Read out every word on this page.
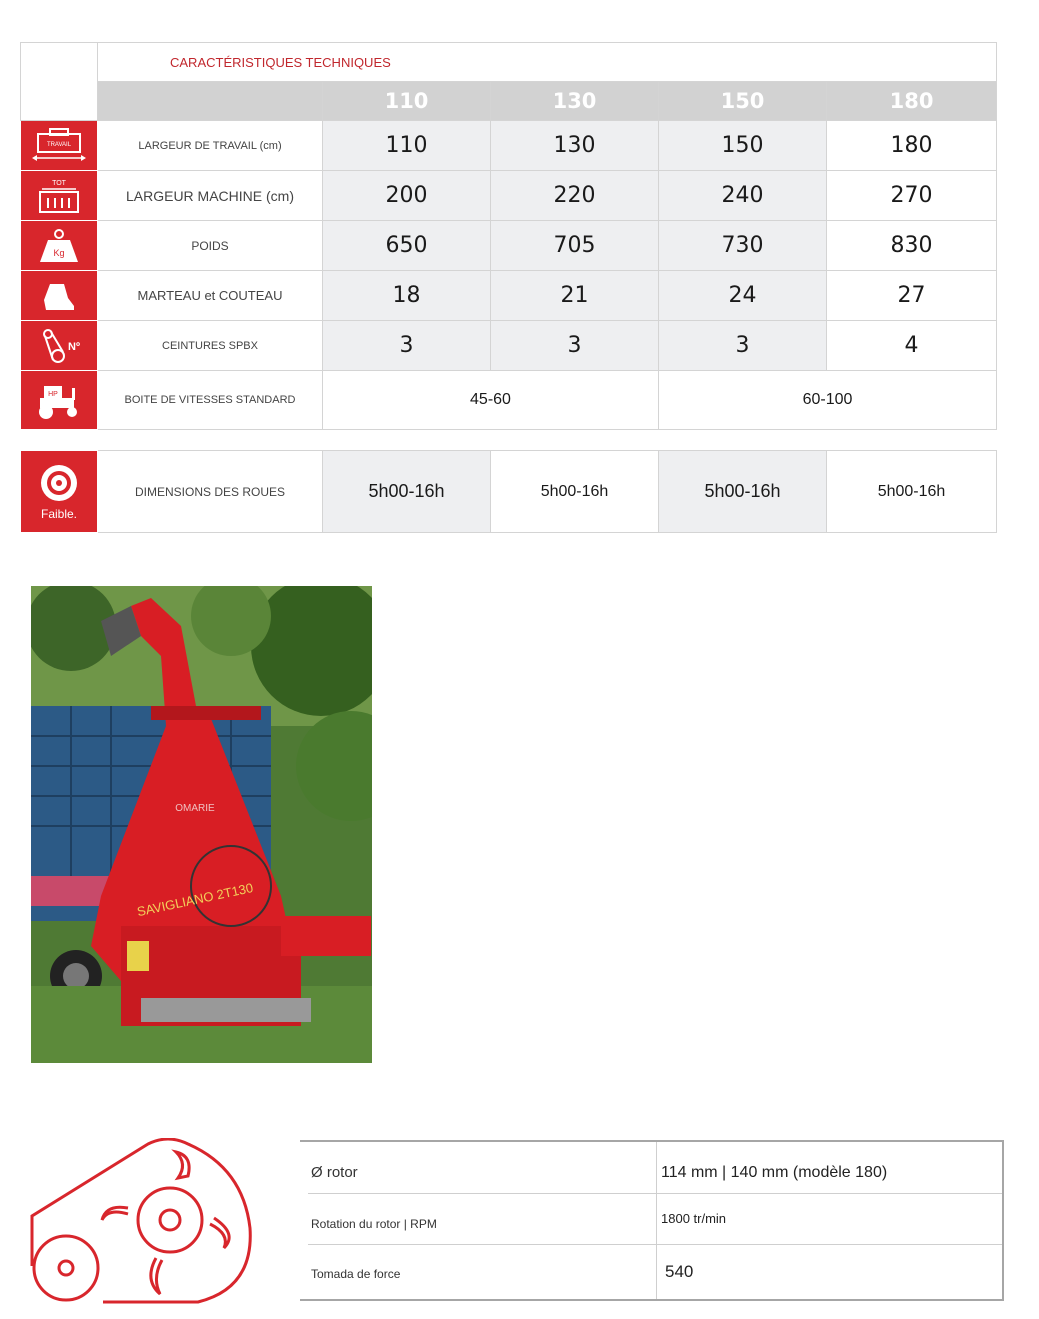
	CARACTÉRISTIQUES TECHNIQUES				
		110	130	150	180

TRAVAIL	LARGEUR DE TRAVAIL (cm)	110	130	150	180

TOT	LARGEUR MACHINE (cm)	200	220	240	270

Kg	POIDS	650	705	730	830

	MARTEAU et COUTEAU	18	21	24	27

Nº	CEINTURES SPBX	3	3	3	4

HP	BOITE DE VITESSES STANDARD	45-60		60-100	

Faible.	DIMENSIONS DES ROUES	5h00-16h	5h00-16h	5h00-16h	5h00-16h
OMARIE
SAVIGLIANO 2T130
Ø rotor	114 mm | 140 mm (modèle 180)
Rotation du rotor | RPM	1800 tr/min
Tomada de force	540
